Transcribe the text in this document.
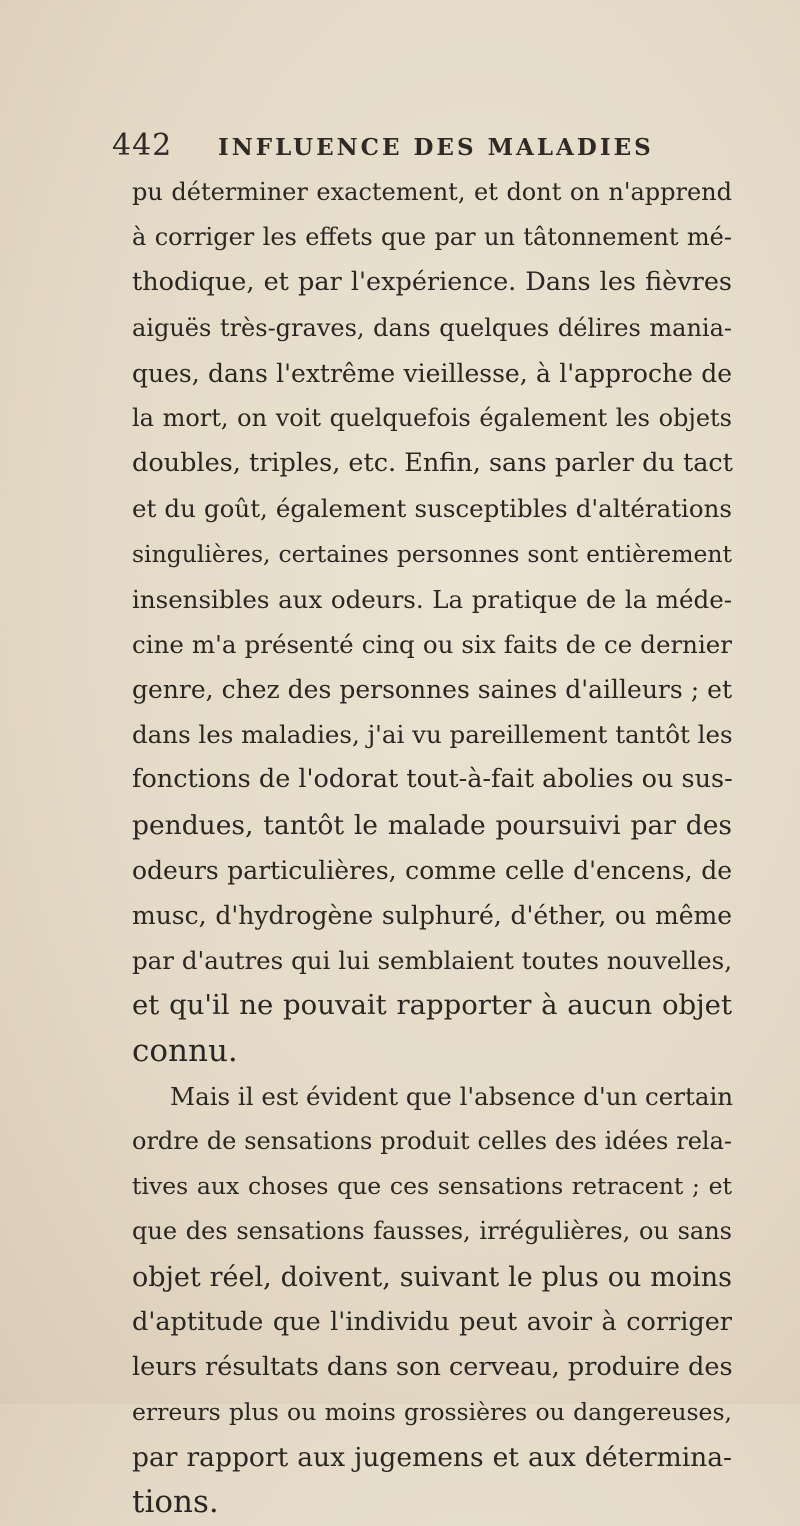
442 INFLUENCE DES MALADIES
pu déterminer exactement, et dont on n'apprend
à corriger les effets que par un tâtonnement mé-
thodique, et par l'expérience. Dans les fièvres
aiguës très-graves, dans quelques délires mania-
ques, dans l'extrême vieillesse, à l'approche de
la mort, on voit quelquefois également les objets
doubles, triples, etc. Enfin, sans parler du tact
et du goût, également susceptibles d'altérations
singulières, certaines personnes sont entièrement
insensibles aux odeurs. La pratique de la méde-
cine m'a présenté cinq ou six faits de ce dernier
genre, chez des personnes saines d'ailleurs ; et
dans les maladies, j'ai vu pareillement tantôt les
fonctions de l'odorat tout-à-fait abolies ou sus-
pendues, tantôt le malade poursuivi par des
odeurs particulières, comme celle d'encens, de
musc, d'hydrogène sulphuré, d'éther, ou même
par d'autres qui lui semblaient toutes nouvelles,
et qu'il ne pouvait rapporter à aucun objet
connu.
Mais il est évident que l'absence d'un certain
ordre de sensations produit celles des idées rela-
tives aux choses que ces sensations retracent ; et
que des sensations fausses, irrégulières, ou sans
objet réel, doivent, suivant le plus ou moins
d'aptitude que l'individu peut avoir à corriger
leurs résultats dans son cerveau, produire des
erreurs plus ou moins grossières ou dangereuses,
par rapport aux jugemens et aux détermina-
tions.
